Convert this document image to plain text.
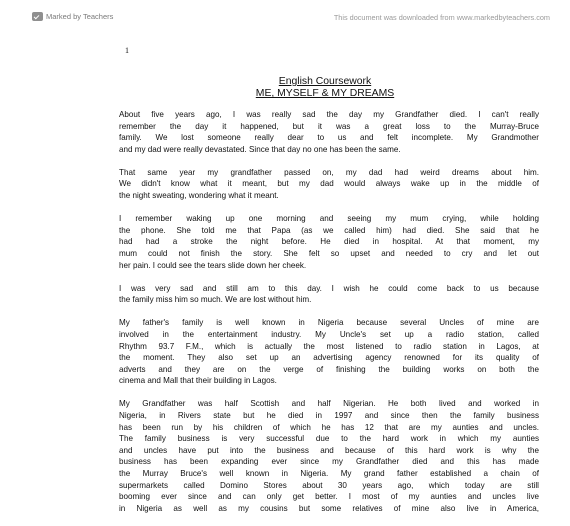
Marked by Teachers	This document was downloaded from www.markedbyteachers.com
1
English Coursework
ME, MYSELF & MY DREAMS

About five years ago, I was really sad the day my Grandfather died. I can't really
remember the day it happened, but it was a great loss to the Murray-Bruce
family. We lost someone really dear to us and felt incomplete. My Grandmother
and my dad were really devastated. Since that day no one has been the same.

That same year my grandfather passed on, my dad had weird dreams about him.
We didn't know what it meant, but my dad would always wake up in the middle of
the night sweating, wondering what it meant.

I remember waking up one morning and seeing my mum crying, while holding
the phone. She told me that Papa (as we called him) had died. She said that he
had had a stroke the night before. He died in hospital. At that moment, my
mum could not finish the story. She felt so upset and needed to cry and let out
her pain. I could see the tears slide down her cheek.

I was very sad and still am to this day. I wish he could come back to us because
the family miss him so much. We are lost without him.

My father's family is well known in Nigeria because several Uncles of mine are
involved in the entertainment industry. My Uncle's set up a radio station, called
Rhythm 93.7 F.M., which is actually the most listened to radio station in Lagos, at
the moment. They also set up an advertising agency renowned for its quality of
adverts and they are on the verge of finishing the building works on both the
cinema and Mall that their building in Lagos.

My Grandfather was half Scottish and half Nigerian. He both lived and worked in
Nigeria, in Rivers state but he died in 1997 and since then the family business
has been run by his children of which he has 12 that are my aunties and uncles.
The family business is very successful due to the hard work in which my aunties
and uncles have put into the business and because of this hard work is why the
business has been expanding ever since my Grandfather died and this has made
the Murray Bruce's well known in Nigeria. My grand father established a chain of
supermarkets called Domino Stores about 30 years ago, which today are still
booming ever since and can only get better. I most of my aunties and uncles live
in Nigeria as well as my cousins but some relatives of mine also live in America,
